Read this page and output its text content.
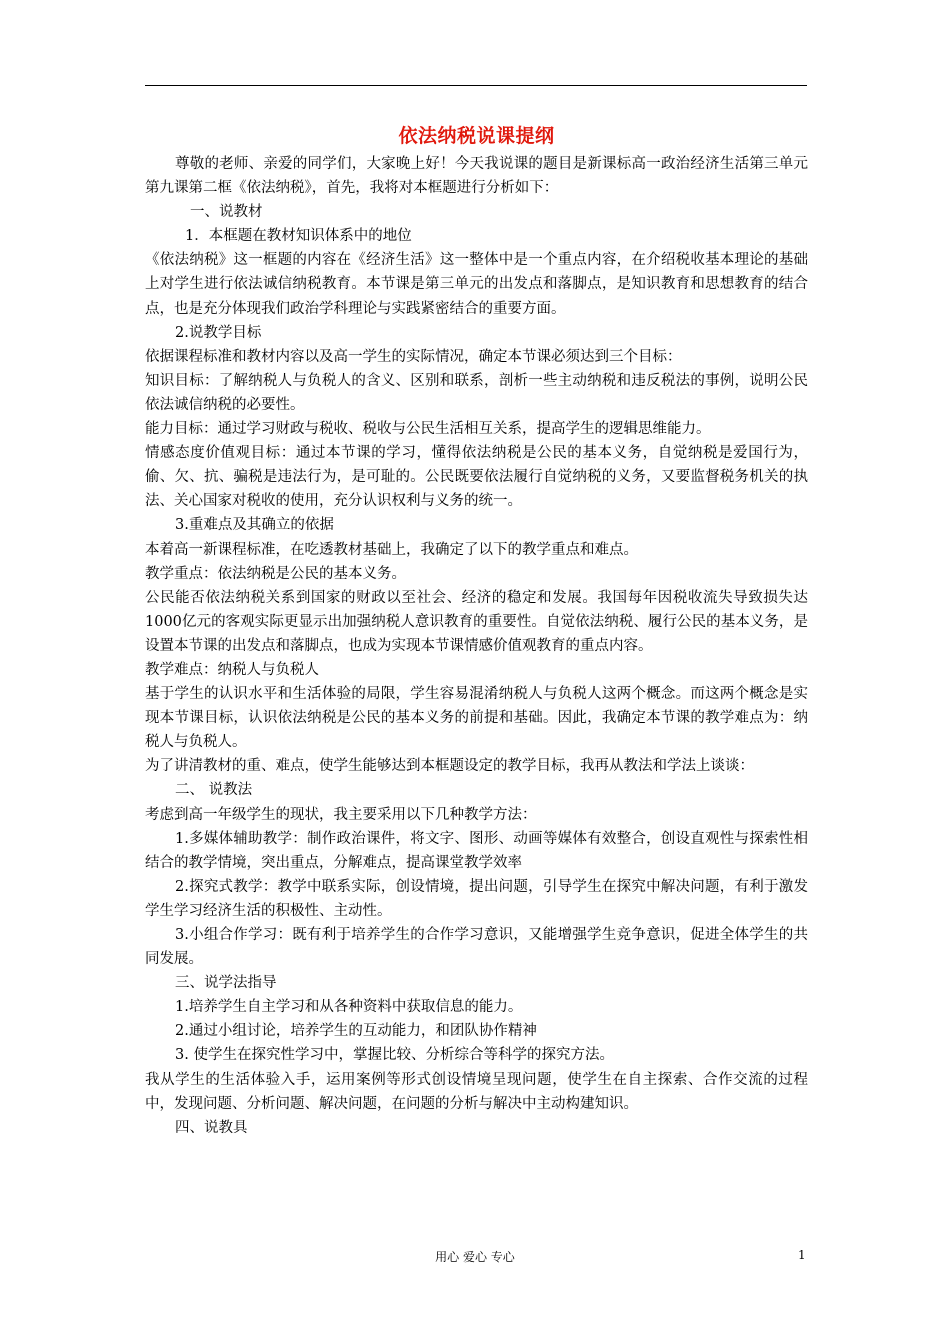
依法纳税说课提纲

尊敬的老师、亲爱的同学们，大家晚上好！今天我说课的题目是新课标高一政治经济生活第三单元第九课第二框《依法纳税》，首先，我将对本框题进行分析如下：

一、说教材

1．本框题在教材知识体系中的地位

《依法纳税》这一框题的内容在《经济生活》这一整体中是一个重点内容，在介绍税收基本理论的基础上对学生进行依法诚信纳税教育。本节课是第三单元的出发点和落脚点，是知识教育和思想教育的结合点，也是充分体现我们政治学科理论与实践紧密结合的重要方面。

2.说教学目标

依据课程标准和教材内容以及高一学生的实际情况，确定本节课必须达到三个目标：

知识目标：了解纳税人与负税人的含义、区别和联系，剖析一些主动纳税和违反税法的事例，说明公民依法诚信纳税的必要性。

能力目标：通过学习财政与税收、税收与公民生活相互关系，提高学生的逻辑思维能力。

情感态度价值观目标：通过本节课的学习，懂得依法纳税是公民的基本义务，自觉纳税是爱国行为，偷、欠、抗、骗税是违法行为，是可耻的。公民既要依法履行自觉纳税的义务，又要监督税务机关的执法、关心国家对税收的使用，充分认识权利与义务的统一。

3.重难点及其确立的依据

本着高一新课程标准，在吃透教材基础上，我确定了以下的教学重点和难点。

教学重点：依法纳税是公民的基本义务。

公民能否依法纳税关系到国家的财政以至社会、经济的稳定和发展。我国每年因税收流失导致损失达1000亿元的客观实际更显示出加强纳税人意识教育的重要性。自觉依法纳税、履行公民的基本义务，是设置本节课的出发点和落脚点，也成为实现本节课情感价值观教育的重点内容。

教学难点：纳税人与负税人

基于学生的认识水平和生活体验的局限，学生容易混淆纳税人与负税人这两个概念。而这两个概念是实现本节课目标，认识依法纳税是公民的基本义务的前提和基础。因此，我确定本节课的教学难点为：纳税人与负税人。

为了讲清教材的重、难点，使学生能够达到本框题设定的教学目标，我再从教法和学法上谈谈：

二、 说教法

考虑到高一年级学生的现状，我主要采用以下几种教学方法：

1.多媒体辅助教学：制作政治课件，将文字、图形、动画等媒体有效整合，创设直观性与探索性相结合的教学情境，突出重点，分解难点，提高课堂教学效率

2.探究式教学：教学中联系实际，创设情境，提出问题，引导学生在探究中解决问题，有利于激发学生学习经济生活的积极性、主动性。

3.小组合作学习：既有利于培养学生的合作学习意识，又能增强学生竞争意识，促进全体学生的共同发展。

三、说学法指导

1.培养学生自主学习和从各种资料中获取信息的能力。

2.通过小组讨论，培养学生的互动能力，和团队协作精神

3. 使学生在探究性学习中，掌握比较、分析综合等科学的探究方法。

我从学生的生活体验入手，运用案例等形式创设情境呈现问题，使学生在自主探索、合作交流的过程中，发现问题、分析问题、解决问题，在问题的分析与解决中主动构建知识。

四、说教具

用心 爱心 专心	1
